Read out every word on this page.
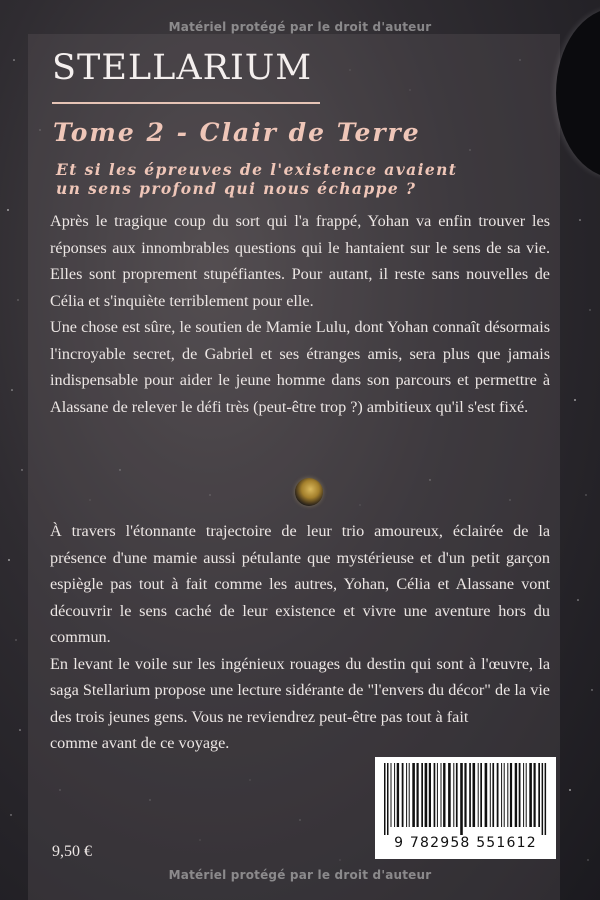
Matériel protégé par le droit d'auteur
STELLARIUM
Tome 2 - Clair de Terre
Et si les épreuves de l'existence avaient
un sens profond qui nous échappe ?

Après le tragique coup du sort qui l'a frappé, Yohan va enfin trouver les réponses aux innombrables questions qui le hantaient sur le sens de sa vie. Elles sont proprement stupéfiantes. Pour autant, il reste sans nouvelles de Célia et s'inquiète terriblement pour elle.

Une chose est sûre, le soutien de Mamie Lulu, dont Yohan connaît désormais l'incroyable secret, de Gabriel et ses étranges amis, sera plus que jamais indispensable pour aider le jeune homme dans son parcours et permettre à Alassane de relever le défi très (peut-être trop ?) ambitieux qu'il s'est fixé.

À travers l'étonnante trajectoire de leur trio amoureux, éclairée de la présence d'une mamie aussi pétulante que mystérieuse et d'un petit garçon espiègle pas tout à fait comme les autres, Yohan, Célia et Alassane vont découvrir le sens caché de leur existence et vivre une aventure hors du commun.

En levant le voile sur les ingénieux rouages du destin qui sont à l'œuvre, la saga Stellarium propose une lecture sidérante de "l'envers du décor" de la vie des trois jeunes gens. Vous ne reviendrez peut-être pas tout à fait

comme avant de ce voyage.

9,50 €	9 782958 551612
Matériel protégé par le droit d'auteur
